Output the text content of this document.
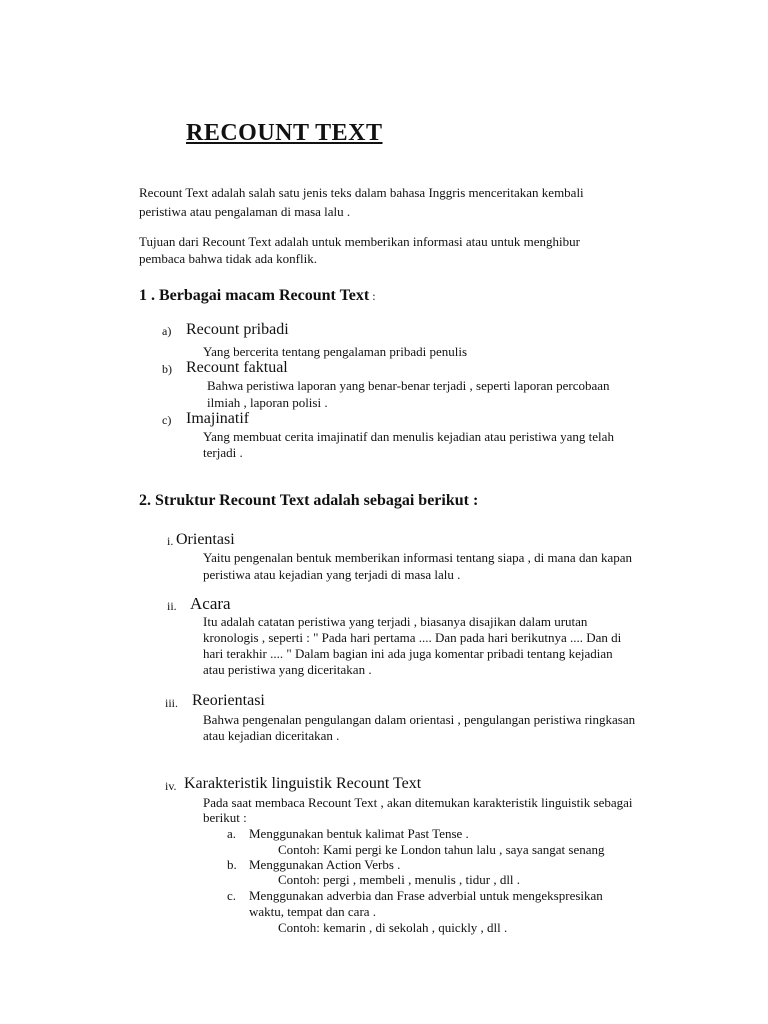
RECOUNT TEXT
Recount Text adalah salah satu jenis teks dalam bahasa Inggris menceritakan kembali
peristiwa atau pengalaman di masa lalu .
Tujuan dari Recount Text adalah untuk memberikan informasi atau untuk menghibur
pembaca bahwa tidak ada konflik.
1 . Berbagai macam Recount Text :
a) Recount pribadi
Yang bercerita tentang pengalaman pribadi penulis
b) Recount faktual
Bahwa peristiwa laporan yang benar-benar terjadi , seperti laporan percobaan
ilmiah , laporan polisi .
c) Imajinatif
Yang membuat cerita imajinatif dan menulis kejadian atau peristiwa yang telah
terjadi .
2. Struktur Recount Text adalah sebagai berikut :
i. Orientasi
Yaitu pengenalan bentuk memberikan informasi tentang siapa , di mana dan kapan
peristiwa atau kejadian yang terjadi di masa lalu .
ii. Acara
Itu adalah catatan peristiwa yang terjadi , biasanya disajikan dalam urutan
kronologis , seperti : " Pada hari pertama .... Dan pada hari berikutnya .... Dan di
hari terakhir .... " Dalam bagian ini ada juga komentar pribadi tentang kejadian
atau peristiwa yang diceritakan .
iii. Reorientasi
Bahwa pengenalan pengulangan dalam orientasi , pengulangan peristiwa ringkasan
atau kejadian diceritakan .
iv. Karakteristik linguistik Recount Text
Pada saat membaca Recount Text , akan ditemukan karakteristik linguistik sebagai
berikut :
a. Menggunakan bentuk kalimat Past Tense .
Contoh: Kami pergi ke London tahun lalu , saya sangat senang
b. Menggunakan Action Verbs .
Contoh: pergi , membeli , menulis , tidur , dll .
c. Menggunakan adverbia dan Frase adverbial untuk mengekspresikan
waktu, tempat dan cara .
Contoh: kemarin , di sekolah , quickly , dll .
